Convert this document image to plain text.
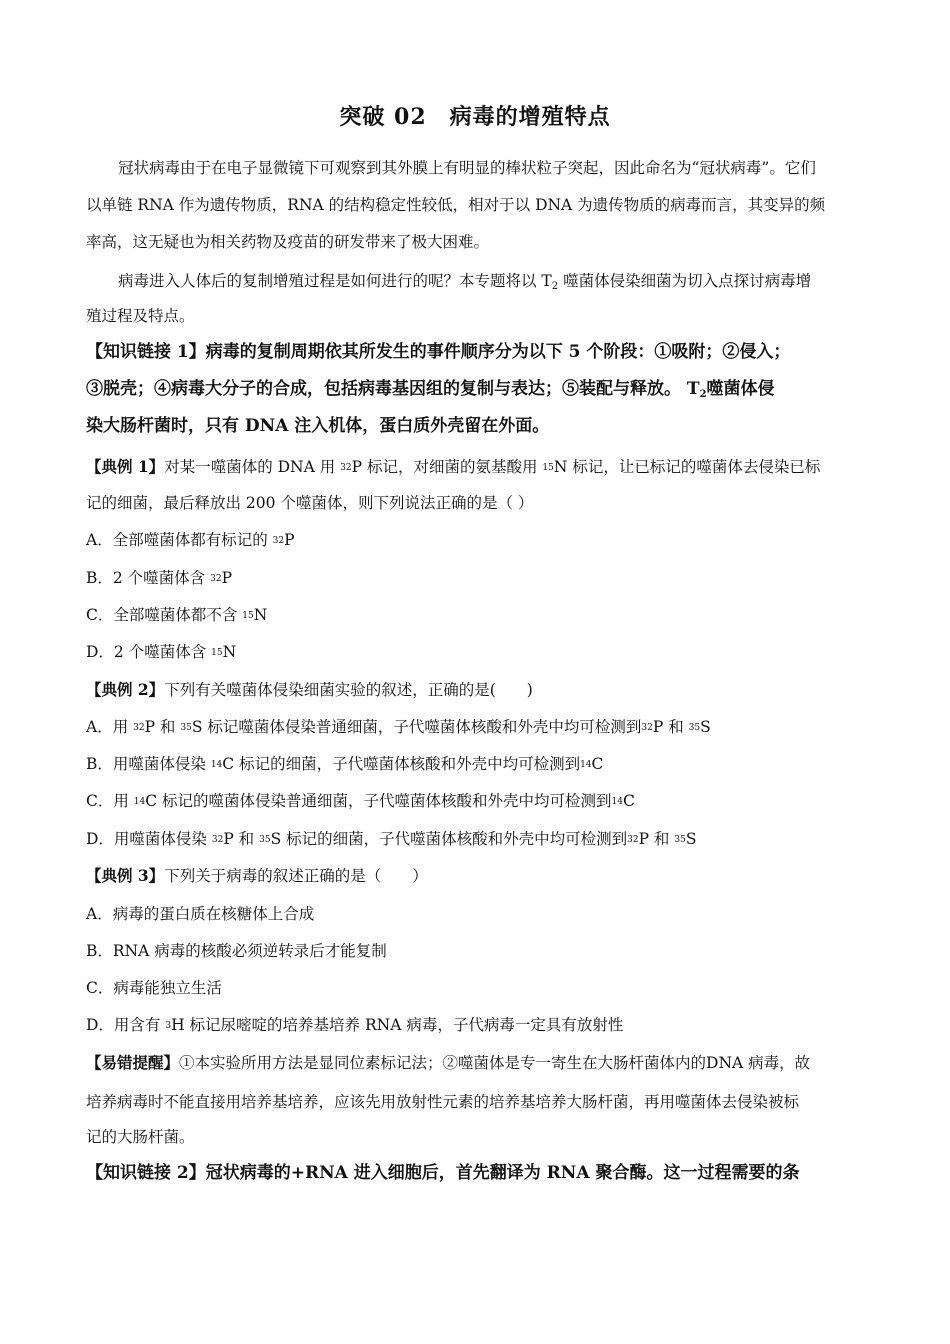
突破 02　病毒的增殖特点
冠状病毒由于在电子显微镜下可观察到其外膜上有明显的棒状粒子突起，因此命名为“冠状病毒”。它们
以单链 RNA 作为遗传物质，RNA 的结构稳定性较低，相对于以 DNA 为遗传物质的病毒而言，其变异的频
率高，这无疑也为相关药物及疫苗的研发带来了极大困难。
病毒进入人体后的复制增殖过程是如何进行的呢？本专题将以 $T_2$ 噬菌体侵染细菌为切入点探讨病毒增
殖过程及特点。
【知识链接 1】病毒的复制周期依其所发生的事件顺序分为以下 5 个阶段：①吸附；②侵入；
③脱壳；④病毒大分子的合成，包括病毒基因组的复制与表达；⑤装配与释放。 $T_2$噬菌体侵
染大肠杆菌时，只有 DNA 注入机体，蛋白质外壳留在外面。
【典例 1】对某一噬菌体的 DNA 用 $^{32}$P 标记，对细菌的氨基酸用 $^{15}$N 标记，让已标记的噬菌体去侵染已标
记的细菌，最后释放出 200 个噬菌体，则下列说法正确的是（ ）
A．全部噬菌体都有标记的 $^{32}$P
B．2 个噬菌体含 $^{32}$P
C．全部噬菌体都不含 $^{15}$N
D．2 个噬菌体含 $^{15}$N
【典例 2】下列有关噬菌体侵染细菌实验的叙述，正确的是(　　)
A．用 $^{32}$P 和 $^{35}$S 标记噬菌体侵染普通细菌，子代噬菌体核酸和外壳中均可检测到$^{32}$P 和 $^{35}$S
B．用噬菌体侵染 $^{14}$C 标记的细菌，子代噬菌体核酸和外壳中均可检测到$^{14}$C
C．用 $^{14}$C 标记的噬菌体侵染普通细菌，子代噬菌体核酸和外壳中均可检测到$^{14}$C
D．用噬菌体侵染 $^{32}$P 和 $^{35}$S 标记的细菌，子代噬菌体核酸和外壳中均可检测到$^{32}$P 和 $^{35}$S
【典例 3】下列关于病毒的叙述正确的是（　　）
A．病毒的蛋白质在核糖体上合成
B．RNA 病毒的核酸必须逆转录后才能复制
C．病毒能独立生活
D．用含有 $^3$H 标记尿嘧啶的培养基培养 RNA 病毒，子代病毒一定具有放射性
【易错提醒】①本实验所用方法是显同位素标记法；②噬菌体是专一寄生在大肠杆菌体内的DNA 病毒，故
培养病毒时不能直接用培养基培养，应该先用放射性元素的培养基培养大肠杆菌，再用噬菌体去侵染被标
记的大肠杆菌。
【知识链接 2】冠状病毒的+RNA 进入细胞后，首先翻译为 RNA 聚合酶。这一过程需要的条
